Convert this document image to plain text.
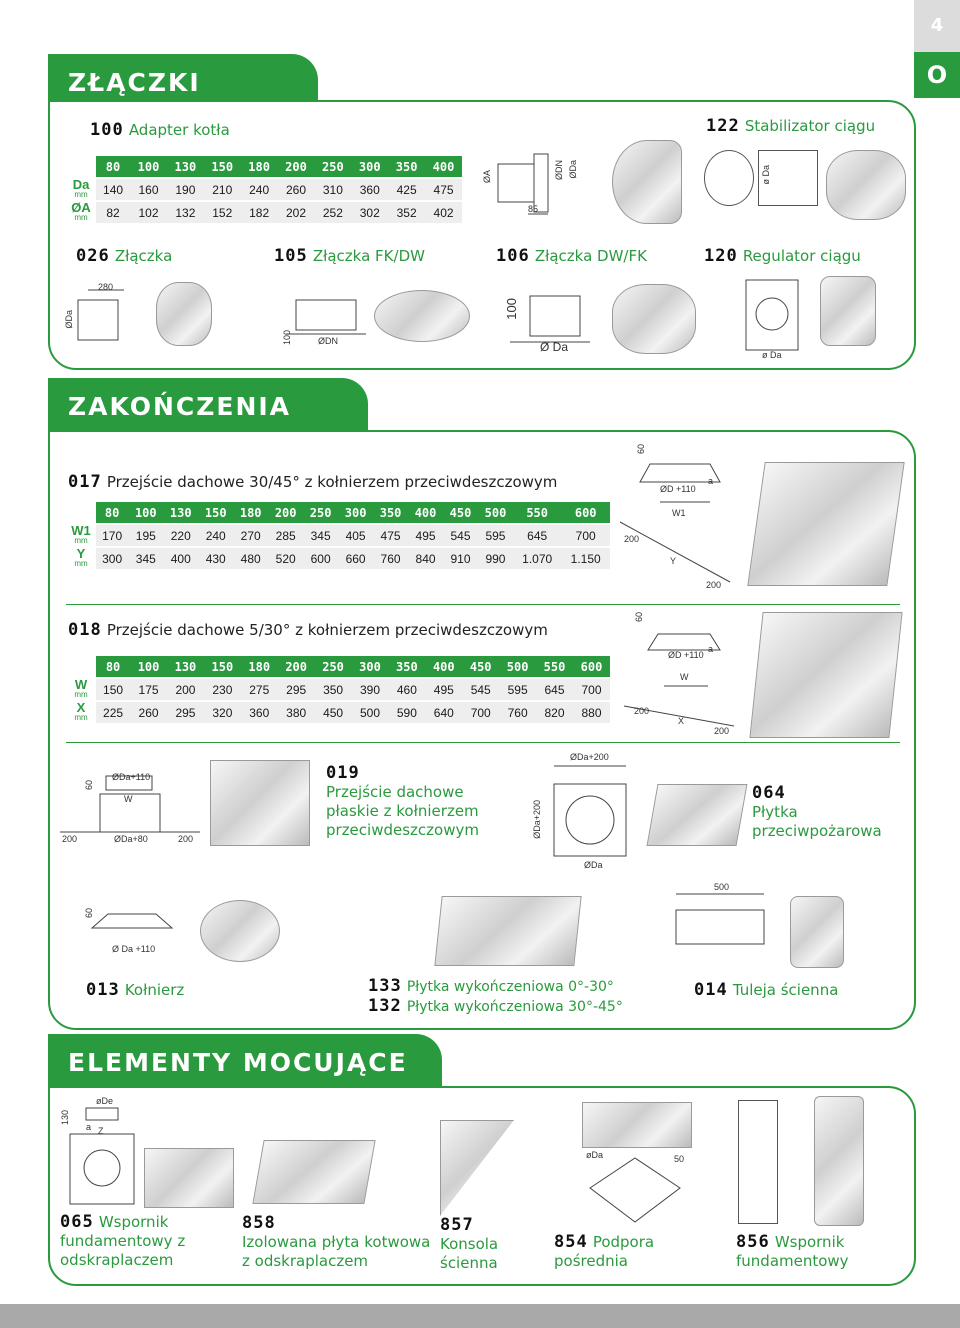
4
O
ZŁĄCZKI
100 Adapter kotła
Ø
mm	80	100	130	150	180	200	250	300	350	400
Da
mm	140	160	190	210	240	260	310	360	425	475
ØA
mm	82	102	132	152	182	202	252	302	352	402
ØA	ØDN ØDa
85
122 Stabilizator ciągu
ø Da
026 Złączka	105 Złączka FK/DW	106 Złączka DW/FK	120 Regulator ciągu
280
ØDa
100	ØDN
100
Ø Da
ø Da
ZAKOŃCZENIA
017 Przejście dachowe 30/45° z kołnierzem przeciwdeszczowym
Ø
mm	80	100	130	150	180	200	250	300	350	400	450	500	550	600
W1
mm	170	195	220	240	270	285	345	405	475	495	545	595	645	700
Y
mm	300	345	400	430	480	520	600	660	760	840	910	990	1.070	1.150
60
ØD +110
a
W1
200
Y
200
018 Przejście dachowe 5/30° z kołnierzem przeciwdeszczowym
Ø
mm	80	100	130	150	180	200	250	300	350	400	450	500	550	600
W
mm	150	175	200	230	275	295	350	390	460	495	545	595	645	700
X
mm	225	260	295	320	360	380	450	500	590	640	700	760	820	880
60
ØD +110
a
W
200
X
200
60
ØDa+110
W
200	ØDa+80	200
019
Przejście dachowe
płaskie z kołnierzem
przeciwdeszczowym
ØDa+200
ØDa+200
ØDa
064
Płytka
przeciwpożarowa
60
Ø Da +110
013 Kołnierz	133 Płytka wykończeniowa 0°-30°
132 Płytka wykończeniowa 30°-45°
500
014 Tuleja ścienna
ELEMENTY MOCUJĄCE
øDe
130
a Z
065 Wspornik
fundamentowy z
odskraplaczem
858
Izolowana płyta kotwowa
z odskraplaczem
857
Konsola
ścienna
øDa	50
854 Podpora
pośrednia
856 Wspornik
fundamentowy
